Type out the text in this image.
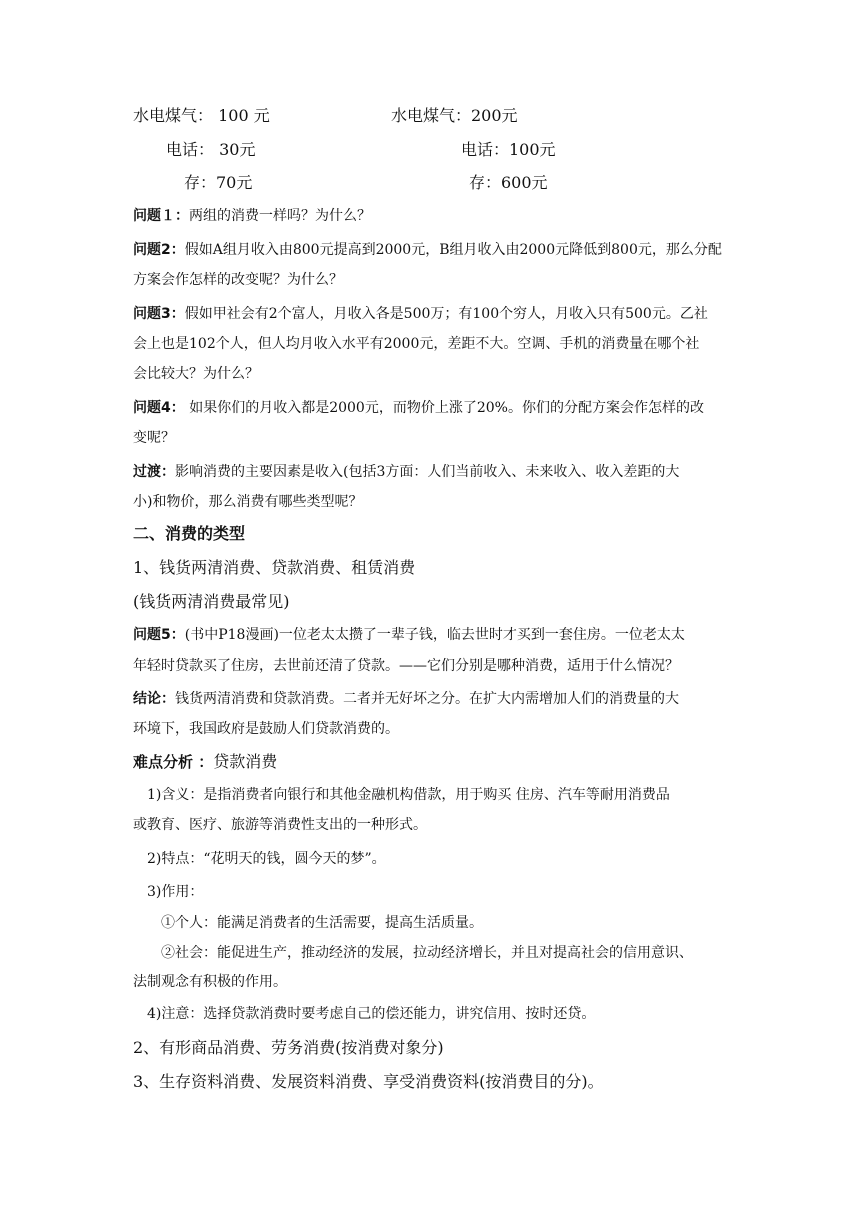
水电煤气： 100 元	水电煤气：200元
电话： 30元	电话：100元
存：70元	存：600元
问题１：两组的消费一样吗？为什么？
问题2：假如A组月收入由800元提高到2000元，B组月收入由2000元降低到800元，那么分配
方案会作怎样的改变呢？为什么？
问题3：假如甲社会有2个富人，月收入各是500万；有100个穷人，月收入只有500元。乙社
会上也是102个人，但人均月收入水平有2000元，差距不大。空调、手机的消费量在哪个社
会比较大？为什么？
问题4： 如果你们的月收入都是2000元，而物价上涨了20%。你们的分配方案会作怎样的改
变呢？
过渡：影响消费的主要因素是收入(包括3方面：人们当前收入、未来收入、收入差距的大
小)和物价，那么消费有哪些类型呢？
二、消费的类型
1、钱货两清消费、贷款消费、租赁消费
(钱货两清消费最常见)
问题5：(书中P18漫画)一位老太太攒了一辈子钱，临去世时才买到一套住房。一位老太太
年轻时贷款买了住房，去世前还清了贷款。——它们分别是哪种消费，适用于什么情况？
结论：钱货两清消费和贷款消费。二者并无好坏之分。在扩大内需增加人们的消费量的大
环境下，我国政府是鼓励人们贷款消费的。
难点分析 ：贷款消费
1)含义：是指消费者向银行和其他金融机构借款，用于购买 住房、汽车等耐用消费品
或教育、医疗、旅游等消费性支出的一种形式。
2)特点：“花明天的钱，圆今天的梦”。
3)作用：
①个人：能满足消费者的生活需要，提高生活质量。
②社会：能促进生产，推动经济的发展，拉动经济增长，并且对提高社会的信用意识、
法制观念有积极的作用。
4)注意：选择贷款消费时要考虑自己的偿还能力，讲究信用、按时还贷。
2、有形商品消费、劳务消费(按消费对象分)
3、生存资料消费、发展资料消费、享受消费资料(按消费目的分)。
